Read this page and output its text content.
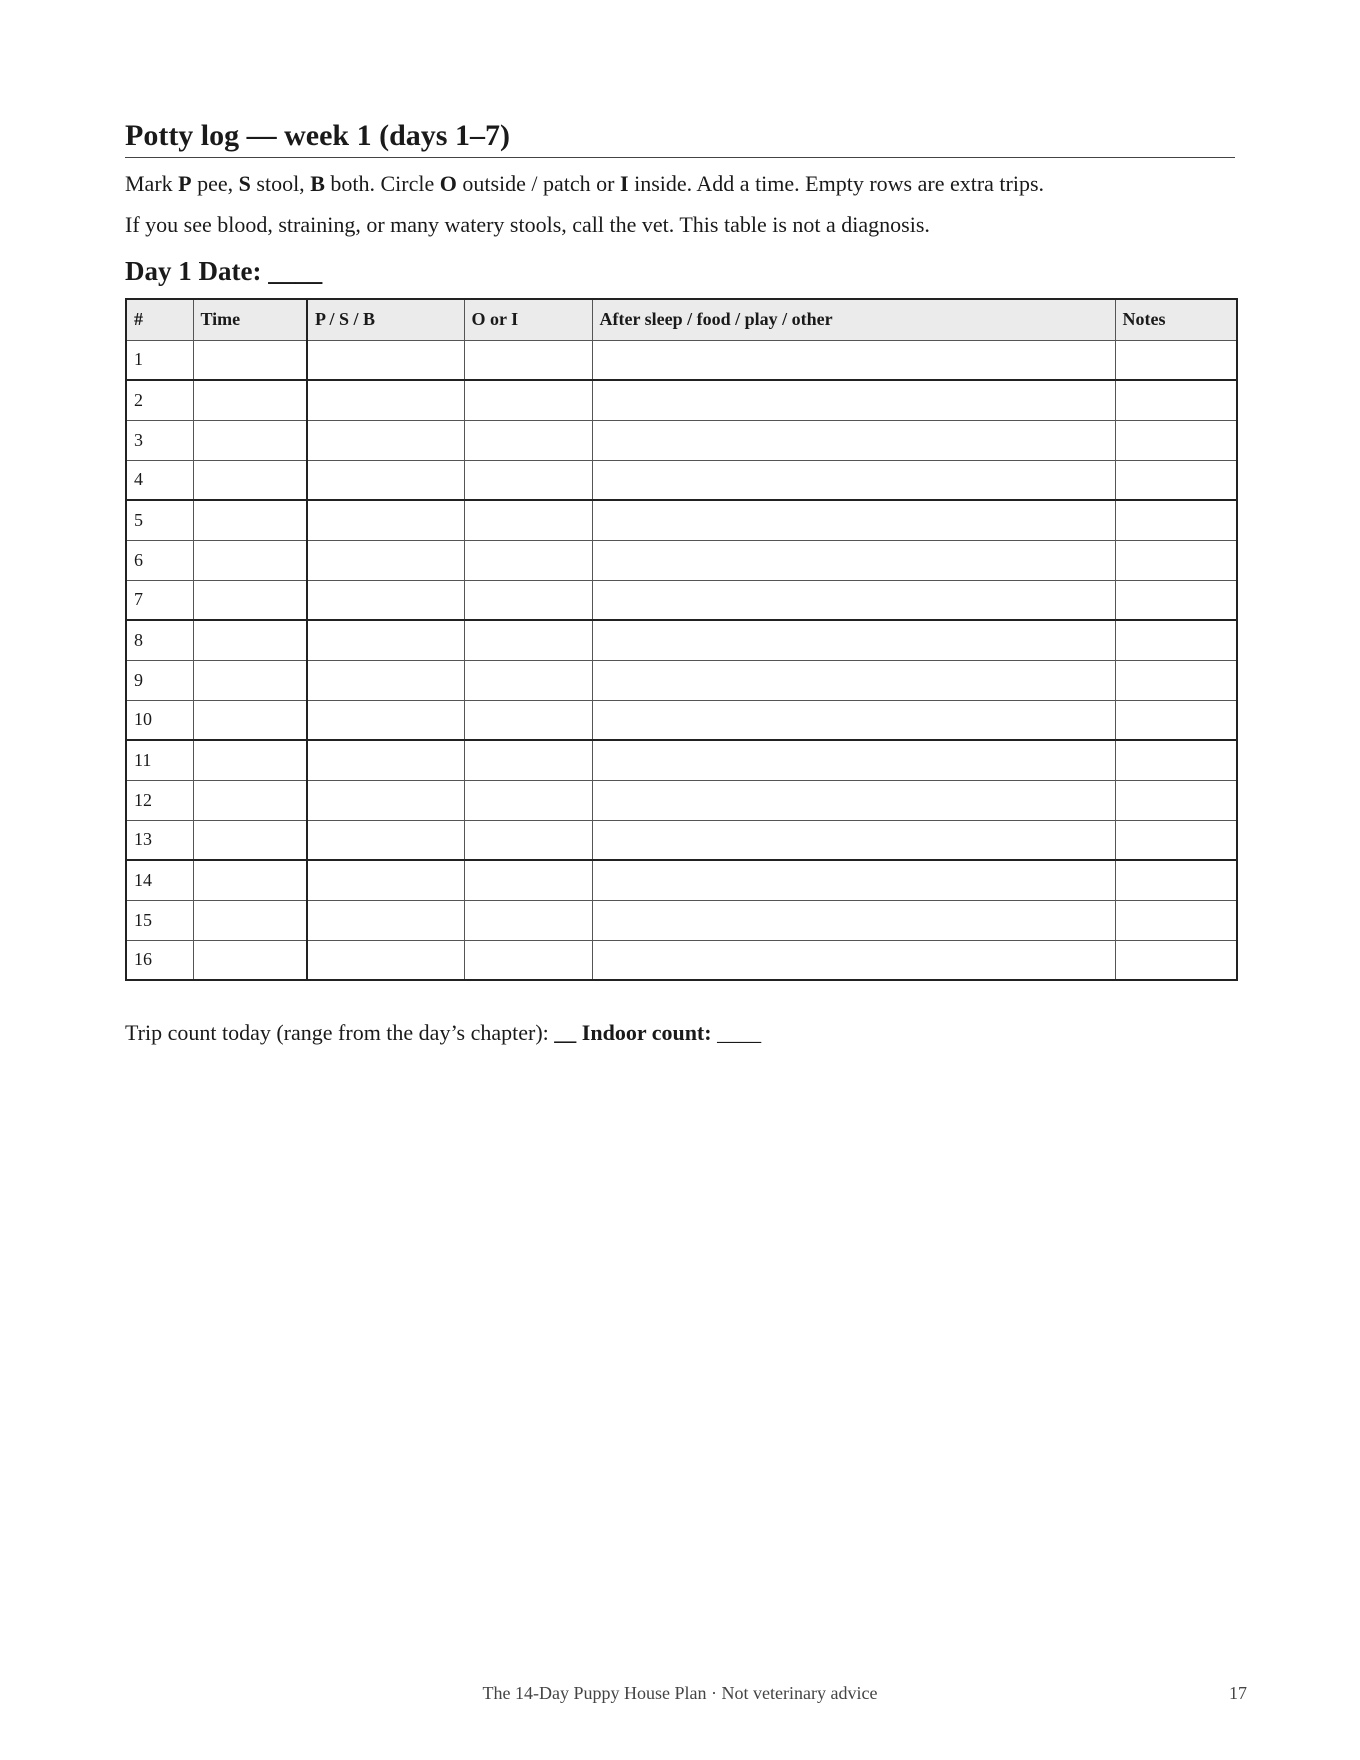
Potty log — week 1 (days 1–7)

Mark P pee, S stool, B both. Circle O outside / patch or I inside. Add a time. Empty rows are extra trips.

If you see blood, straining, or many watery stools, call the vet. This table is not a diagnosis.

Day 1 Date: ____
#	Time	P / S / B	O or I	After sleep / food / play / other	Notes
1					
2					
3					
4					
5					
6					
7					
8					
9					
10					
11					
12					
13					
14					
15					
16					

Trip count today (range from the day’s chapter): __ Indoor count: ____

The 14-Day Puppy House Plan · Not veterinary advice	17
